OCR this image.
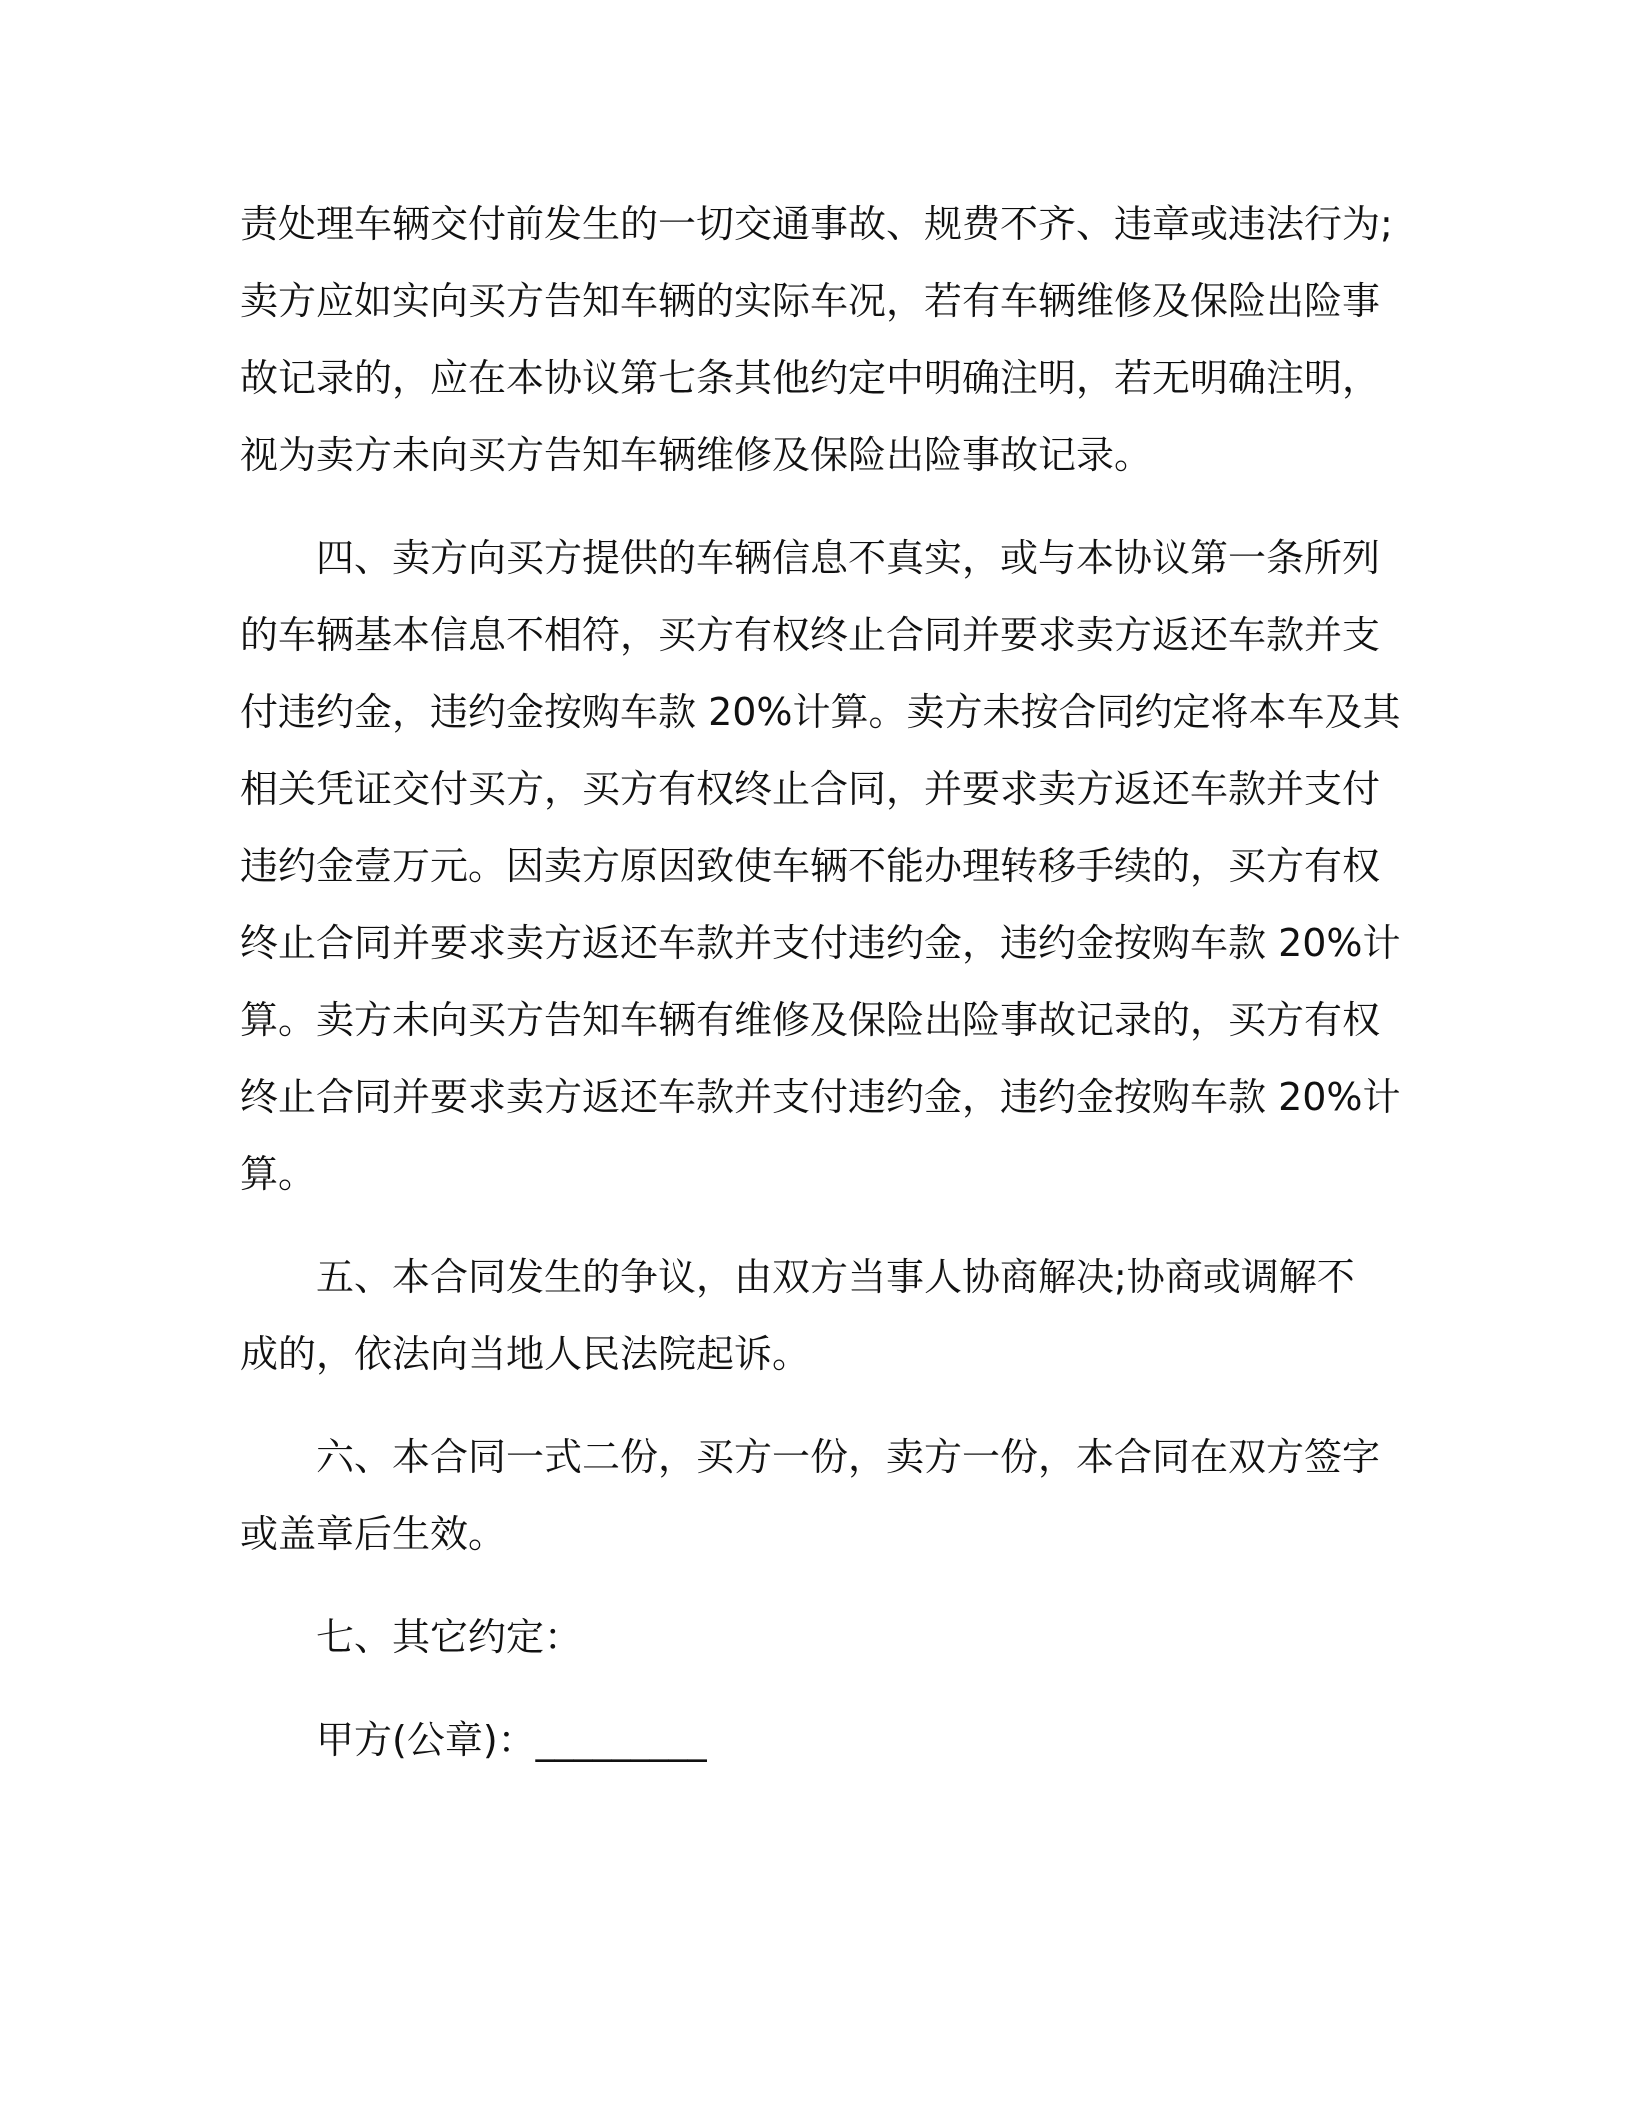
责处理车辆交付前发生的一切交通事故、规费不齐、违章或违法行为;
卖方应如实向买方告知车辆的实际车况，若有车辆维修及保险出险事
故记录的，应在本协议第七条其他约定中明确注明，若无明确注明，
视为卖方未向买方告知车辆维修及保险出险事故记录。

四、卖方向买方提供的车辆信息不真实，或与本协议第一条所列
的车辆基本信息不相符，买方有权终止合同并要求卖方返还车款并支
付违约金，违约金按购车款 20%计算。卖方未按合同约定将本车及其
相关凭证交付买方，买方有权终止合同，并要求卖方返还车款并支付
违约金壹万元。因卖方原因致使车辆不能办理转移手续的，买方有权
终止合同并要求卖方返还车款并支付违约金，违约金按购车款 20%计
算。卖方未向买方告知车辆有维修及保险出险事故记录的，买方有权
终止合同并要求卖方返还车款并支付违约金，违约金按购车款 20%计
算。

五、本合同发生的争议，由双方当事人协商解决;协商或调解不
成的，依法向当地人民法院起诉。

六、本合同一式二份，买方一份，卖方一份，本合同在双方签字
或盖章后生效。

七、其它约定：

甲方(公章)：_________
